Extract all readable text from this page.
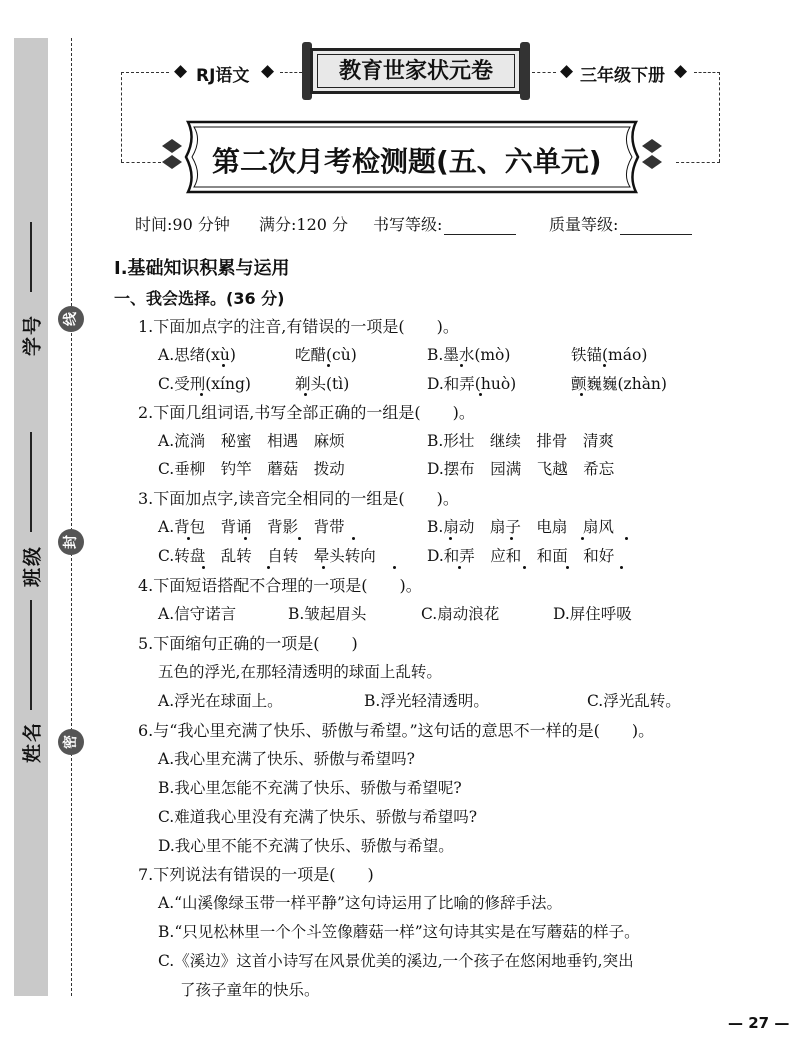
学号
班级
姓名
线
封
密
◆ RJ语文 ◆	教育世家状元卷	◆ 三年级下册 ◆
第二次月考检测题(五、六单元)
时间:90 分钟 满分:120 分 书写等级:	质量等级:
Ⅰ.基础知识积累与运用
一、我会选择。(36 分)
1.下面加点字的注音,有错误的一项是(　　)。
A.思绪(xù)	吃醋(cù)	B.墨水(mò)	铁锚(máo)
C.受刑(xíng)	剃头(tì)	D.和弄(huò)	颤巍巍(zhàn)
2.下面几组词语,书写全部正确的一组是(　　)。
A.流淌　秘蜜　相遇　麻烦	B.形壮　继续　排骨　清爽
C.垂柳　钓竿　蘑菇　拨动	D.摆布　园满　飞越　希忘
3.下面加点字,读音完全相同的一组是(　　)。
A.背包　背诵　背影　背带	B.扇动　扇子　电扇　扇风
C.转盘　乱转　自转　晕头转向	D.和弄　应和　和面　和好
4.下面短语搭配不合理的一项是(　　)。
A.信守诺言	B.皱起眉头	C.扇动浪花	D.屏住呼吸
5.下面缩句正确的一项是(　　)
五色的浮光,在那轻清透明的球面上乱转。
A.浮光在球面上。	B.浮光轻清透明。	C.浮光乱转。
6.与“我心里充满了快乐、骄傲与希望。”这句话的意思不一样的是(　　)。
A.我心里充满了快乐、骄傲与希望吗?
B.我心里怎能不充满了快乐、骄傲与希望呢?
C.难道我心里没有充满了快乐、骄傲与希望吗?
D.我心里不能不充满了快乐、骄傲与希望。
7.下列说法有错误的一项是(　　)
A.“山溪像绿玉带一样平静”这句诗运用了比喻的修辞手法。
B.“只见松林里一个个斗笠像蘑菇一样”这句诗其实是在写蘑菇的样子。
C.《溪边》这首小诗写在风景优美的溪边,一个孩子在悠闲地垂钓,突出
了孩子童年的快乐。
— 27 —
